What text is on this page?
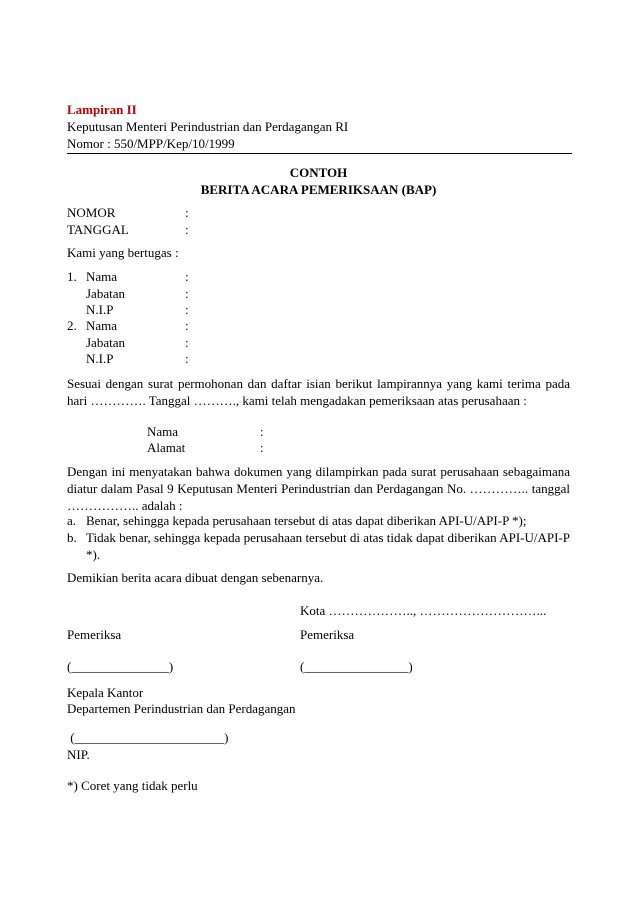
Lampiran II
Keputusan Menteri Perindustrian dan Perdagangan RI
Nomor : 550/MPP/Kep/10/1999
CONTOH
BERITA ACARA PEMERIKSAAN (BAP)
NOMOR	:
TANGGAL	:
Kami yang bertugas :
1. Nama	:
Jabatan	:
N.I.P	:
2. Nama	:
Jabatan	:
N.I.P	:
Sesuai dengan surat permohonan dan daftar isian berikut lampirannya yang kami terima pada hari …………. Tanggal ………., kami telah mengadakan pemeriksaan atas perusahaan :
Nama	:
Alamat	:
Dengan ini menyatakan bahwa dokumen yang dilampirkan pada surat perusahaan sebagaimana diatur dalam Pasal 9 Keputusan Menteri Perindustrian dan Perdagangan No. ………….. tanggal …………….. adalah :
a. Benar, sehingga kepada perusahaan tersebut di atas dapat diberikan API-U/API-P *);
b. Tidak benar, sehingga kepada perusahaan tersebut di atas tidak dapat diberikan API-U/API-P *).
Demikian berita acara dibuat dengan sebenarnya.
Kota ……………….., ………………………...
Pemeriksa	Pemeriksa
(_______________)	(________________)
Kepala Kantor
Departemen Perindustrian dan Perdagangan
(_______________________)
NIP.
*) Coret yang tidak perlu
